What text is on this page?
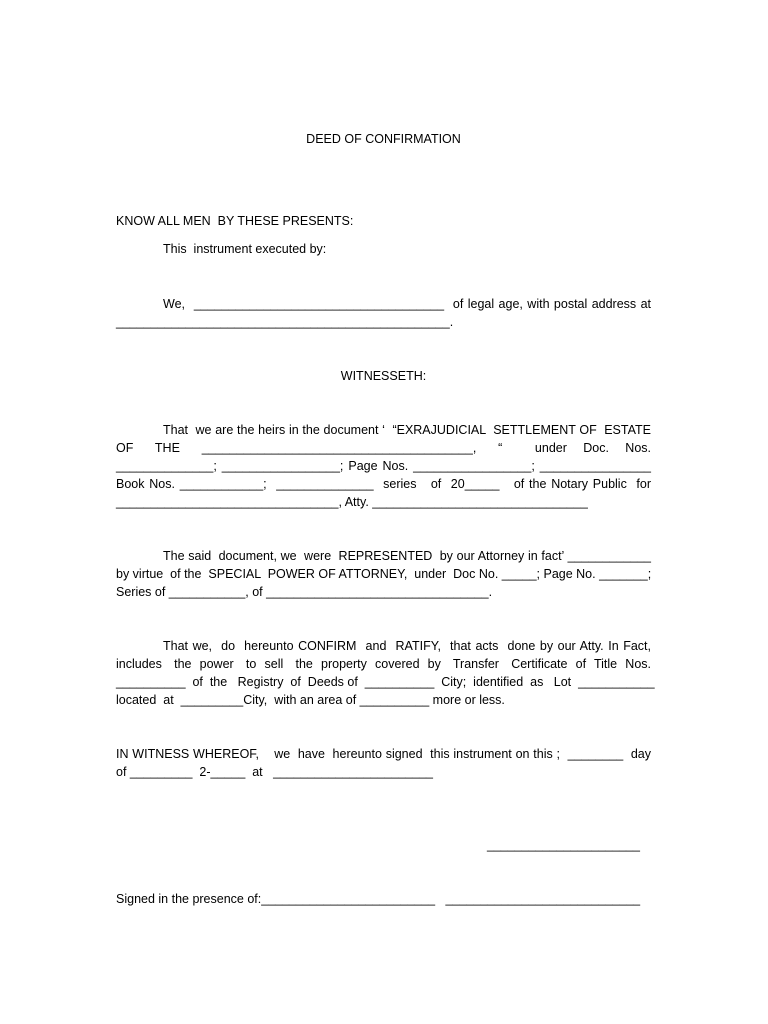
DEED OF CONFIRMATION
KNOW ALL MEN  BY THESE PRESENTS:
This  instrument executed by:
We,  ____________________________________  of legal age, with postal address at
________________________________________________.
WITNESSETH:
That  we are the heirs in the document ‘  “EXRAJUDICIAL  SETTLEMENT OF  ESTATE
OF    THE    _______________________________________,    “      under   Doc.   Nos.
______________; _________________; Page Nos. _________________; ________________
Book Nos. ____________;  ______________  series   of  20_____   of the Notary Public  for
________________________________, Atty. _______________________________
The said  document, we  were  REPRESENTED  by our Attorney in fact’ ____________
by virtue  of the  SPECIAL  POWER OF ATTORNEY,  under  Doc No. _____; Page No. _______;
Series of ___________, of ________________________________.
That we,  do  hereunto CONFIRM  and  RATIFY,  that acts  done by our Atty. In Fact,
includes   the  power   to  sell   the  property  covered  by   Transfer   Certificate  of  Title  Nos.
__________  of  the   Registry  of  Deeds of  __________  City;  identified  as   Lot  ___________
located  at  _________City,  with an area of __________ more or less.
IN WITNESS WHEREOF,    we  have  hereunto signed  this instrument on this ;  ________  day
of _________  2-_____  at   _______________________
______________________
Signed in the presence of:_________________________   ____________________________
